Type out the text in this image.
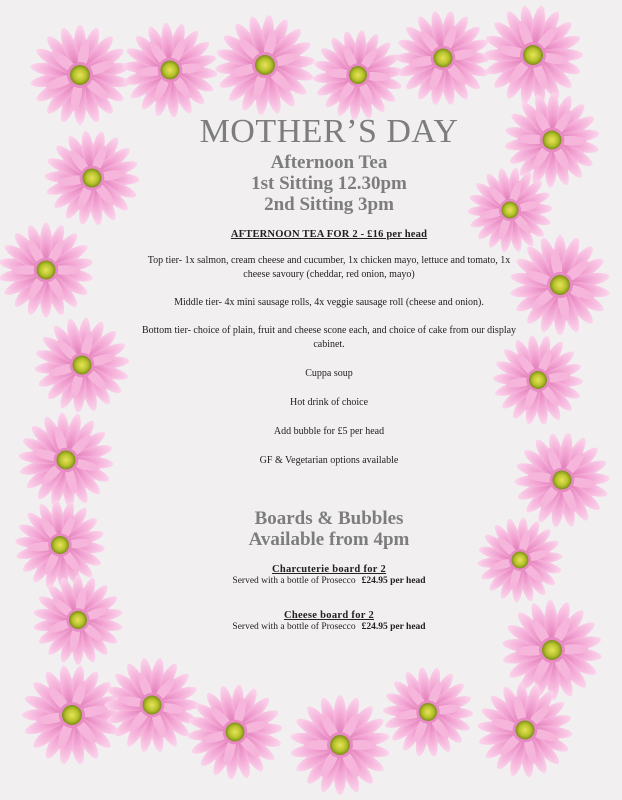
MOTHER’S DAY
Afternoon Tea
1st Sitting 12.30pm
2nd Sitting 3pm
AFTERNOON TEA FOR 2 - £16 per head
Top tier- 1x salmon, cream cheese and cucumber, 1x chicken mayo, lettuce and tomato, 1x cheese savoury (cheddar, red onion, mayo)
Middle tier- 4x mini sausage rolls, 4x veggie sausage roll (cheese and onion).
Bottom tier- choice of plain, fruit and cheese scone each, and choice of cake from our display cabinet.
Cuppa soup
Hot drink of choice
Add bubble for £5 per head
GF & Vegetarian options available
Boards & Bubbles
Available from 4pm
Charcuterie board for 2
Served with a bottle of Prosecco £24.95 per head
Cheese board for 2
Served with a bottle of Prosecco £24.95 per head
